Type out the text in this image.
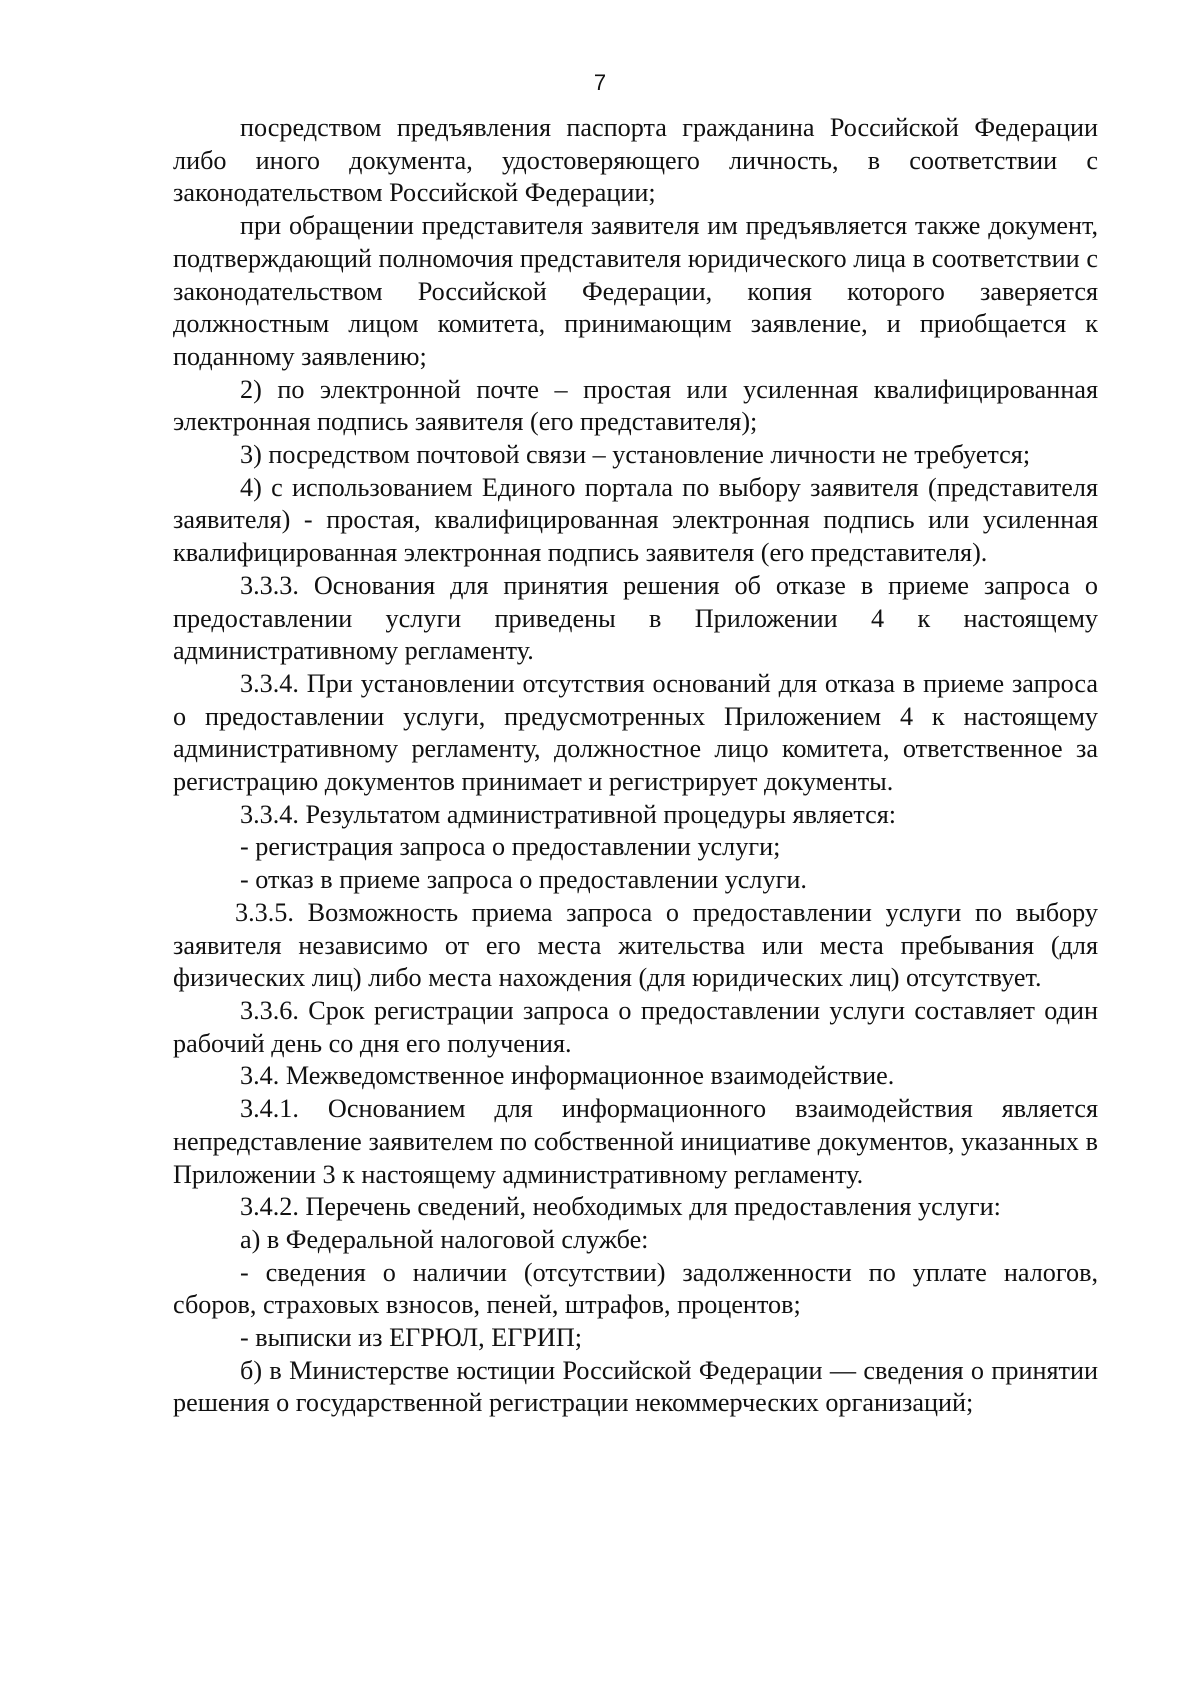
7

посредством предъявления паспорта гражданина Российской Федерации либо иного документа, удостоверяющего личность, в соответствии с законодательством Российской Федерации;

при обращении представителя заявителя им предъявляется также документ, подтверждающий полномочия представителя юридического лица в соответствии с законодательством Российской Федерации, копия которого заверяется должностным лицом комитета, принимающим заявление, и приобщается к поданному заявлению;

2) по электронной почте – простая или усиленная квалифицированная электронная подпись заявителя (его представителя);

3) посредством почтовой связи – установление личности не требуется;

4) с использованием Единого портала по выбору заявителя (представителя заявителя) - простая, квалифицированная электронная подпись или усиленная квалифицированная электронная подпись заявителя (его представителя).

3.3.3. Основания для принятия решения об отказе в приеме запроса о предоставлении услуги приведены в Приложении 4 к настоящему административному регламенту.

3.3.4. При установлении отсутствия оснований для отказа в приеме запроса о предоставлении услуги, предусмотренных Приложением 4 к настоящему административному регламенту, должностное лицо комитета, ответственное за регистрацию документов принимает и регистрирует документы.

3.3.4. Результатом административной процедуры является:

- регистрация запроса о предоставлении услуги;

- отказ в приеме запроса о предоставлении услуги.

3.3.5. Возможность приема запроса о предоставлении услуги по выбору заявителя независимо от его места жительства или места пребывания (для физических лиц) либо места нахождения (для юридических лиц) отсутствует.

3.3.6. Срок регистрации запроса о предоставлении услуги составляет один рабочий день со дня его получения.

3.4. Межведомственное информационное взаимодействие.

3.4.1. Основанием для информационного взаимодействия является непредставление заявителем по собственной инициативе документов, указанных в Приложении 3 к настоящему административному регламенту.

3.4.2. Перечень сведений, необходимых для предоставления услуги:

а) в Федеральной налоговой службе:

- сведения о наличии (отсутствии) задолженности по уплате налогов, сборов, страховых взносов, пеней, штрафов, процентов;

- выписки из ЕГРЮЛ, ЕГРИП;

б) в Министерстве юстиции Российской Федерации — сведения о принятии решения о государственной регистрации некоммерческих организаций;
